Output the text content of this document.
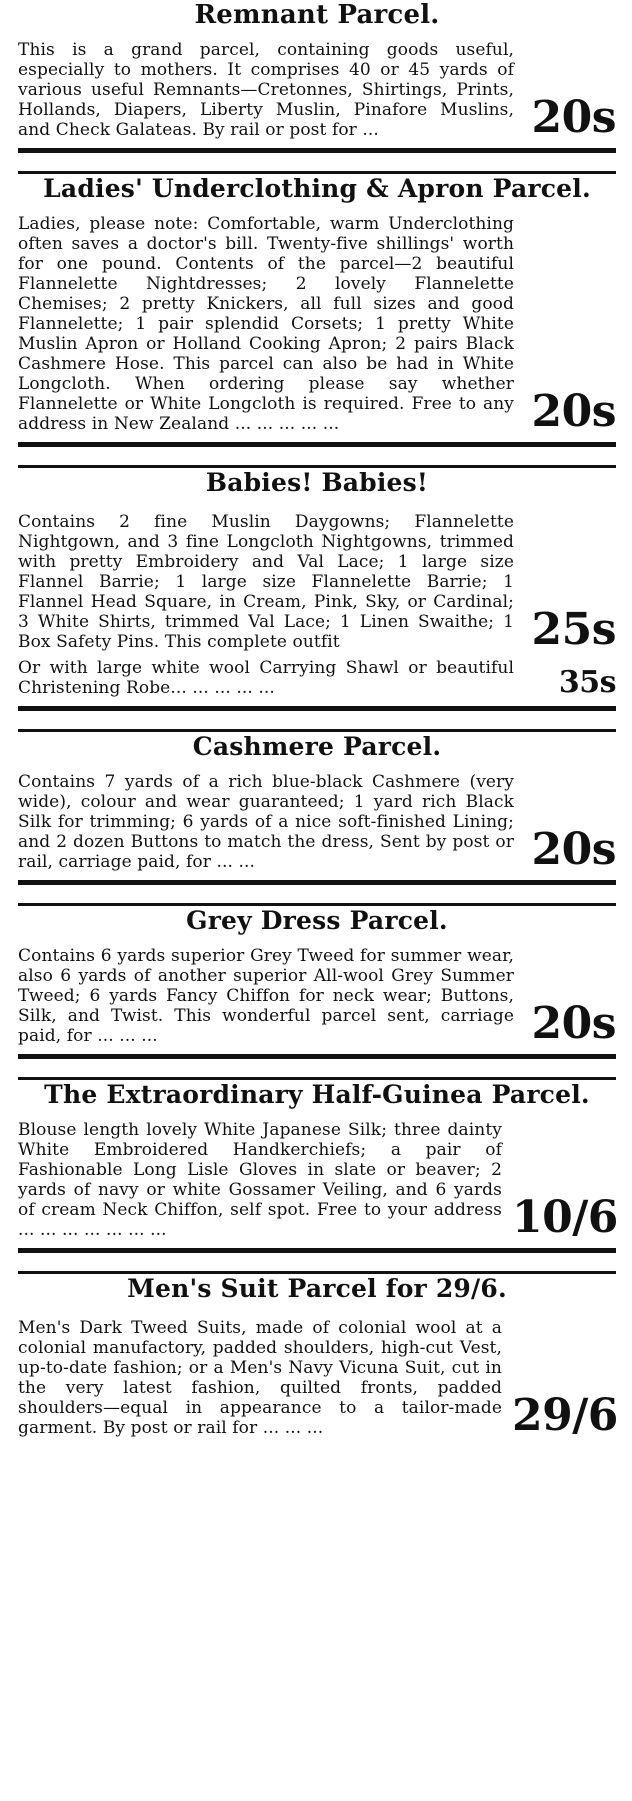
Remnant Parcel.
This is a grand parcel, containing goods useful, especially to mothers. It comprises 40 or 45 yards of various useful Remnants—Cretonnes, Shirtings, Prints, Hollands, Diapers, Liberty Muslin, Pinafore Muslins, and Check Galateas. By rail or post for ...	20s
Ladies' Underclothing & Apron Parcel.
Ladies, please note: Comfortable, warm Underclothing often saves a doctor's bill. Twenty-five shillings' worth for one pound. Contents of the parcel—2 beautiful Flannelette Nightdresses; 2 lovely Flannelette Chemises; 2 pretty Knickers, all full sizes and good Flannelette; 1 pair splendid Corsets; 1 pretty White Muslin Apron or Holland Cooking Apron; 2 pairs Black Cashmere Hose. This parcel can also be had in White Longcloth. When ordering please say whether Flannelette or White Longcloth is required. Free to any address in New Zealand ... ... ... ... ...	20s
Babies! Babies!
Contains 2 fine Muslin Daygowns; Flannelette Nightgown, and 3 fine Longcloth Nightgowns, trimmed with pretty Embroidery and Val Lace; 1 large size Flannel Barrie; 1 large size Flannelette Barrie; 1 Flannel Head Square, in Cream, Pink, Sky, or Cardinal; 3 White Shirts, trimmed Val Lace; 1 Linen Swaithe; 1 Box Safety Pins. This complete outfit	25s
Or with large white wool Carrying Shawl or beautiful Christening Robe... ... ... ... ...	35s
Cashmere Parcel.
Contains 7 yards of a rich blue-black Cashmere (very wide), colour and wear guaranteed; 1 yard rich Black Silk for trimming; 6 yards of a nice soft-finished Lining; and 2 dozen Buttons to match the dress, Sent by post or rail, carriage paid, for ... ...	20s
Grey Dress Parcel.
Contains 6 yards superior Grey Tweed for summer wear, also 6 yards of another superior All-wool Grey Summer Tweed; 6 yards Fancy Chiffon for neck wear; Buttons, Silk, and Twist. This wonderful parcel sent, carriage paid, for ... ... ...	20s
The Extraordinary Half-Guinea Parcel.
Blouse length lovely White Japanese Silk; three dainty White Embroidered Handkerchiefs; a pair of Fashionable Long Lisle Gloves in slate or beaver; 2 yards of navy or white Gossamer Veiling, and 6 yards of cream Neck Chiffon, self spot. Free to your address ... ... ... ... ... ... ...	10/6
Men's Suit Parcel for 29/6.
Men's Dark Tweed Suits, made of colonial wool at a colonial manufactory, padded shoulders, high-cut Vest, up-to-date fashion; or a Men's Navy Vicuna Suit, cut in the very latest fashion, quilted fronts, padded shoulders—equal in appearance to a tailor-made garment. By post or rail for ... ... ...	29/6
